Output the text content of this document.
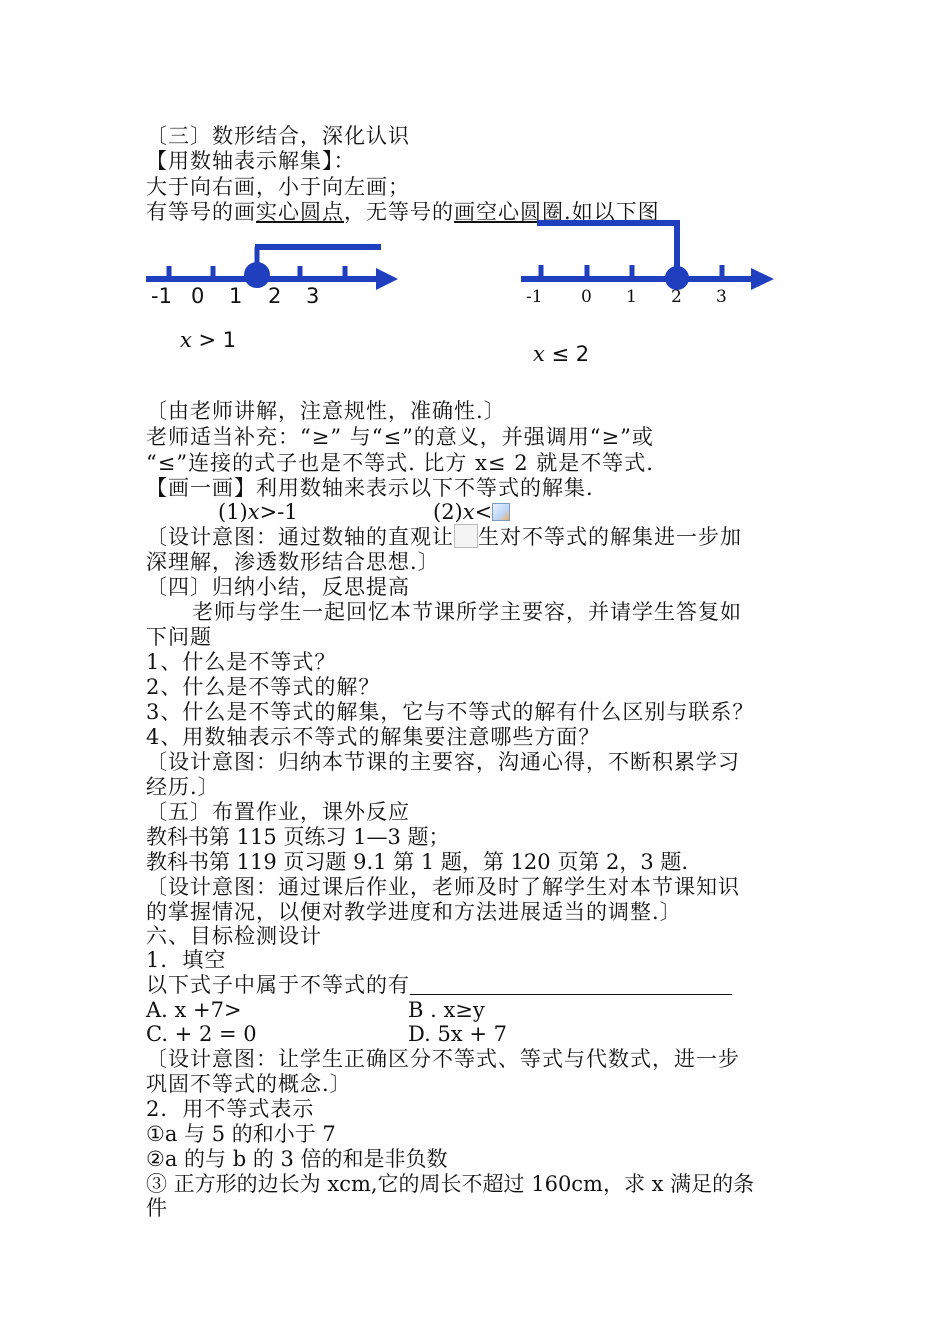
〔三〕数形结合，深化认识
【用数轴表示解集】：
大于向右画，小于向左画；
有等号的画实心圆点，无等号的画空心圆圈.如以下图
-1 0 1 2 3
x > 1
-1 0 1 2 3
x ≤ 2
〔由老师讲解，注意规性，准确性.〕
老师适当补充：“≥” 与“≤”的意义，并强调用“≥”或
“≤”连接的式子也是不等式. 比方 x≤ 2 就是不等式.
【画一画】利用数轴来表示以下不等式的解集.
(1)x>-1	(2)x<
〔设计意图：通过数轴的直观让 生对不等式的解集进一步加
深理解，渗透数形结合思想.〕
〔四〕归纳小结，反思提高
老师与学生一起回忆本节课所学主要容，并请学生答复如
下问题
1、什么是不等式？
2、什么是不等式的解？
3、什么是不等式的解集，它与不等式的解有什么区别与联系？
4、用数轴表示不等式的解集要注意哪些方面？
〔设计意图：归纳本节课的主要容，沟通心得，不断积累学习
经历.〕
〔五〕布置作业，课外反应
教科书第 115 页练习 1—3 题；
教科书第 119 页习题 9.1 第 1 题，第 120 页第 2，3 题.
〔设计意图：通过课后作业，老师及时了解学生对本节课知识
的掌握情况，以便对教学进度和方法进展适当的调整.〕
六、目标检测设计
1．填空
以下式子中属于不等式的有
A. x +7>	B . x≥y
C. + 2 = 0	D. 5x + 7
〔设计意图：让学生正确区分不等式、等式与代数式，进一步
巩固不等式的概念.〕
2．用不等式表示
①a 与 5 的和小于 7
②a 的与 b 的 3 倍的和是非负数
③ 正方形的边长为 xcm,它的周长不超过 160cm，求 x 满足的条
件
